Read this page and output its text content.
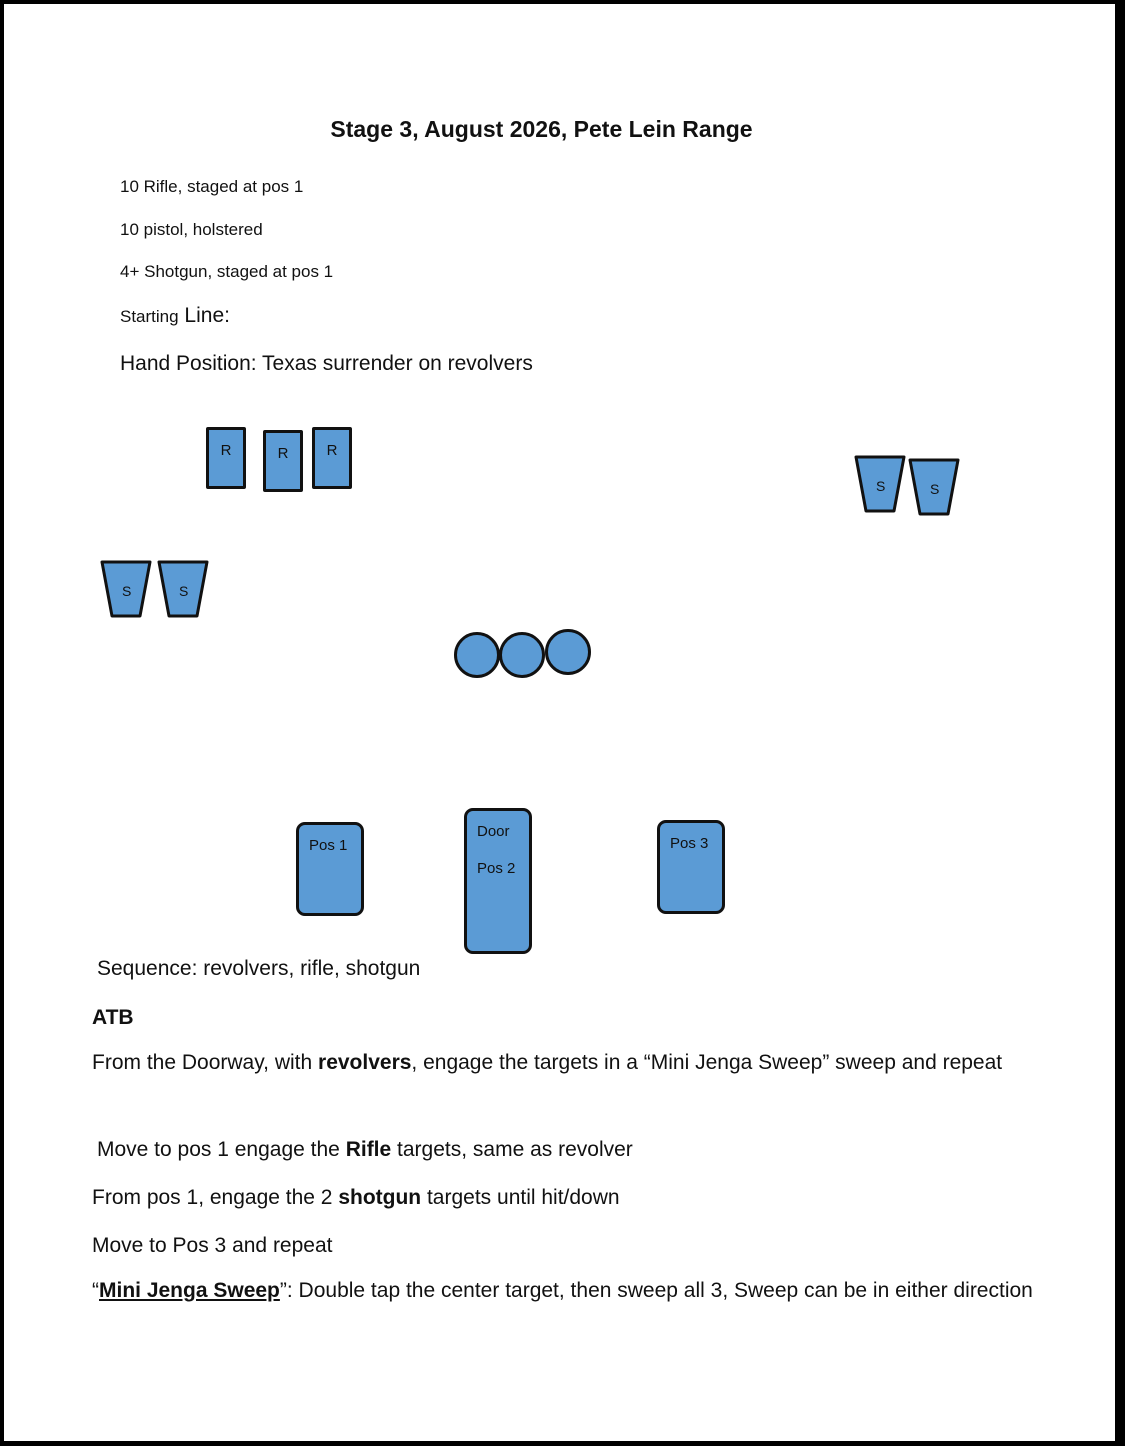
Stage 3, August 2026, Pete Lein Range
10 Rifle, staged at pos 1
10 pistol, holstered
4+ Shotgun, staged at pos 1
Starting Line:
Hand Position: Texas surrender on revolvers
R	R	R
S	S
S	S
Pos 1
Door
Pos 2
Pos 3
Sequence: revolvers, rifle, shotgun
ATB
From the Doorway, with revolvers, engage the targets in a “Mini Jenga Sweep” sweep and repeat
Move to pos 1 engage the Rifle targets, same as revolver
From pos 1, engage the 2 shotgun targets until hit/down
Move to Pos 3 and repeat
“Mini Jenga Sweep”: Double tap the center target, then sweep all 3, Sweep can be in either direction
